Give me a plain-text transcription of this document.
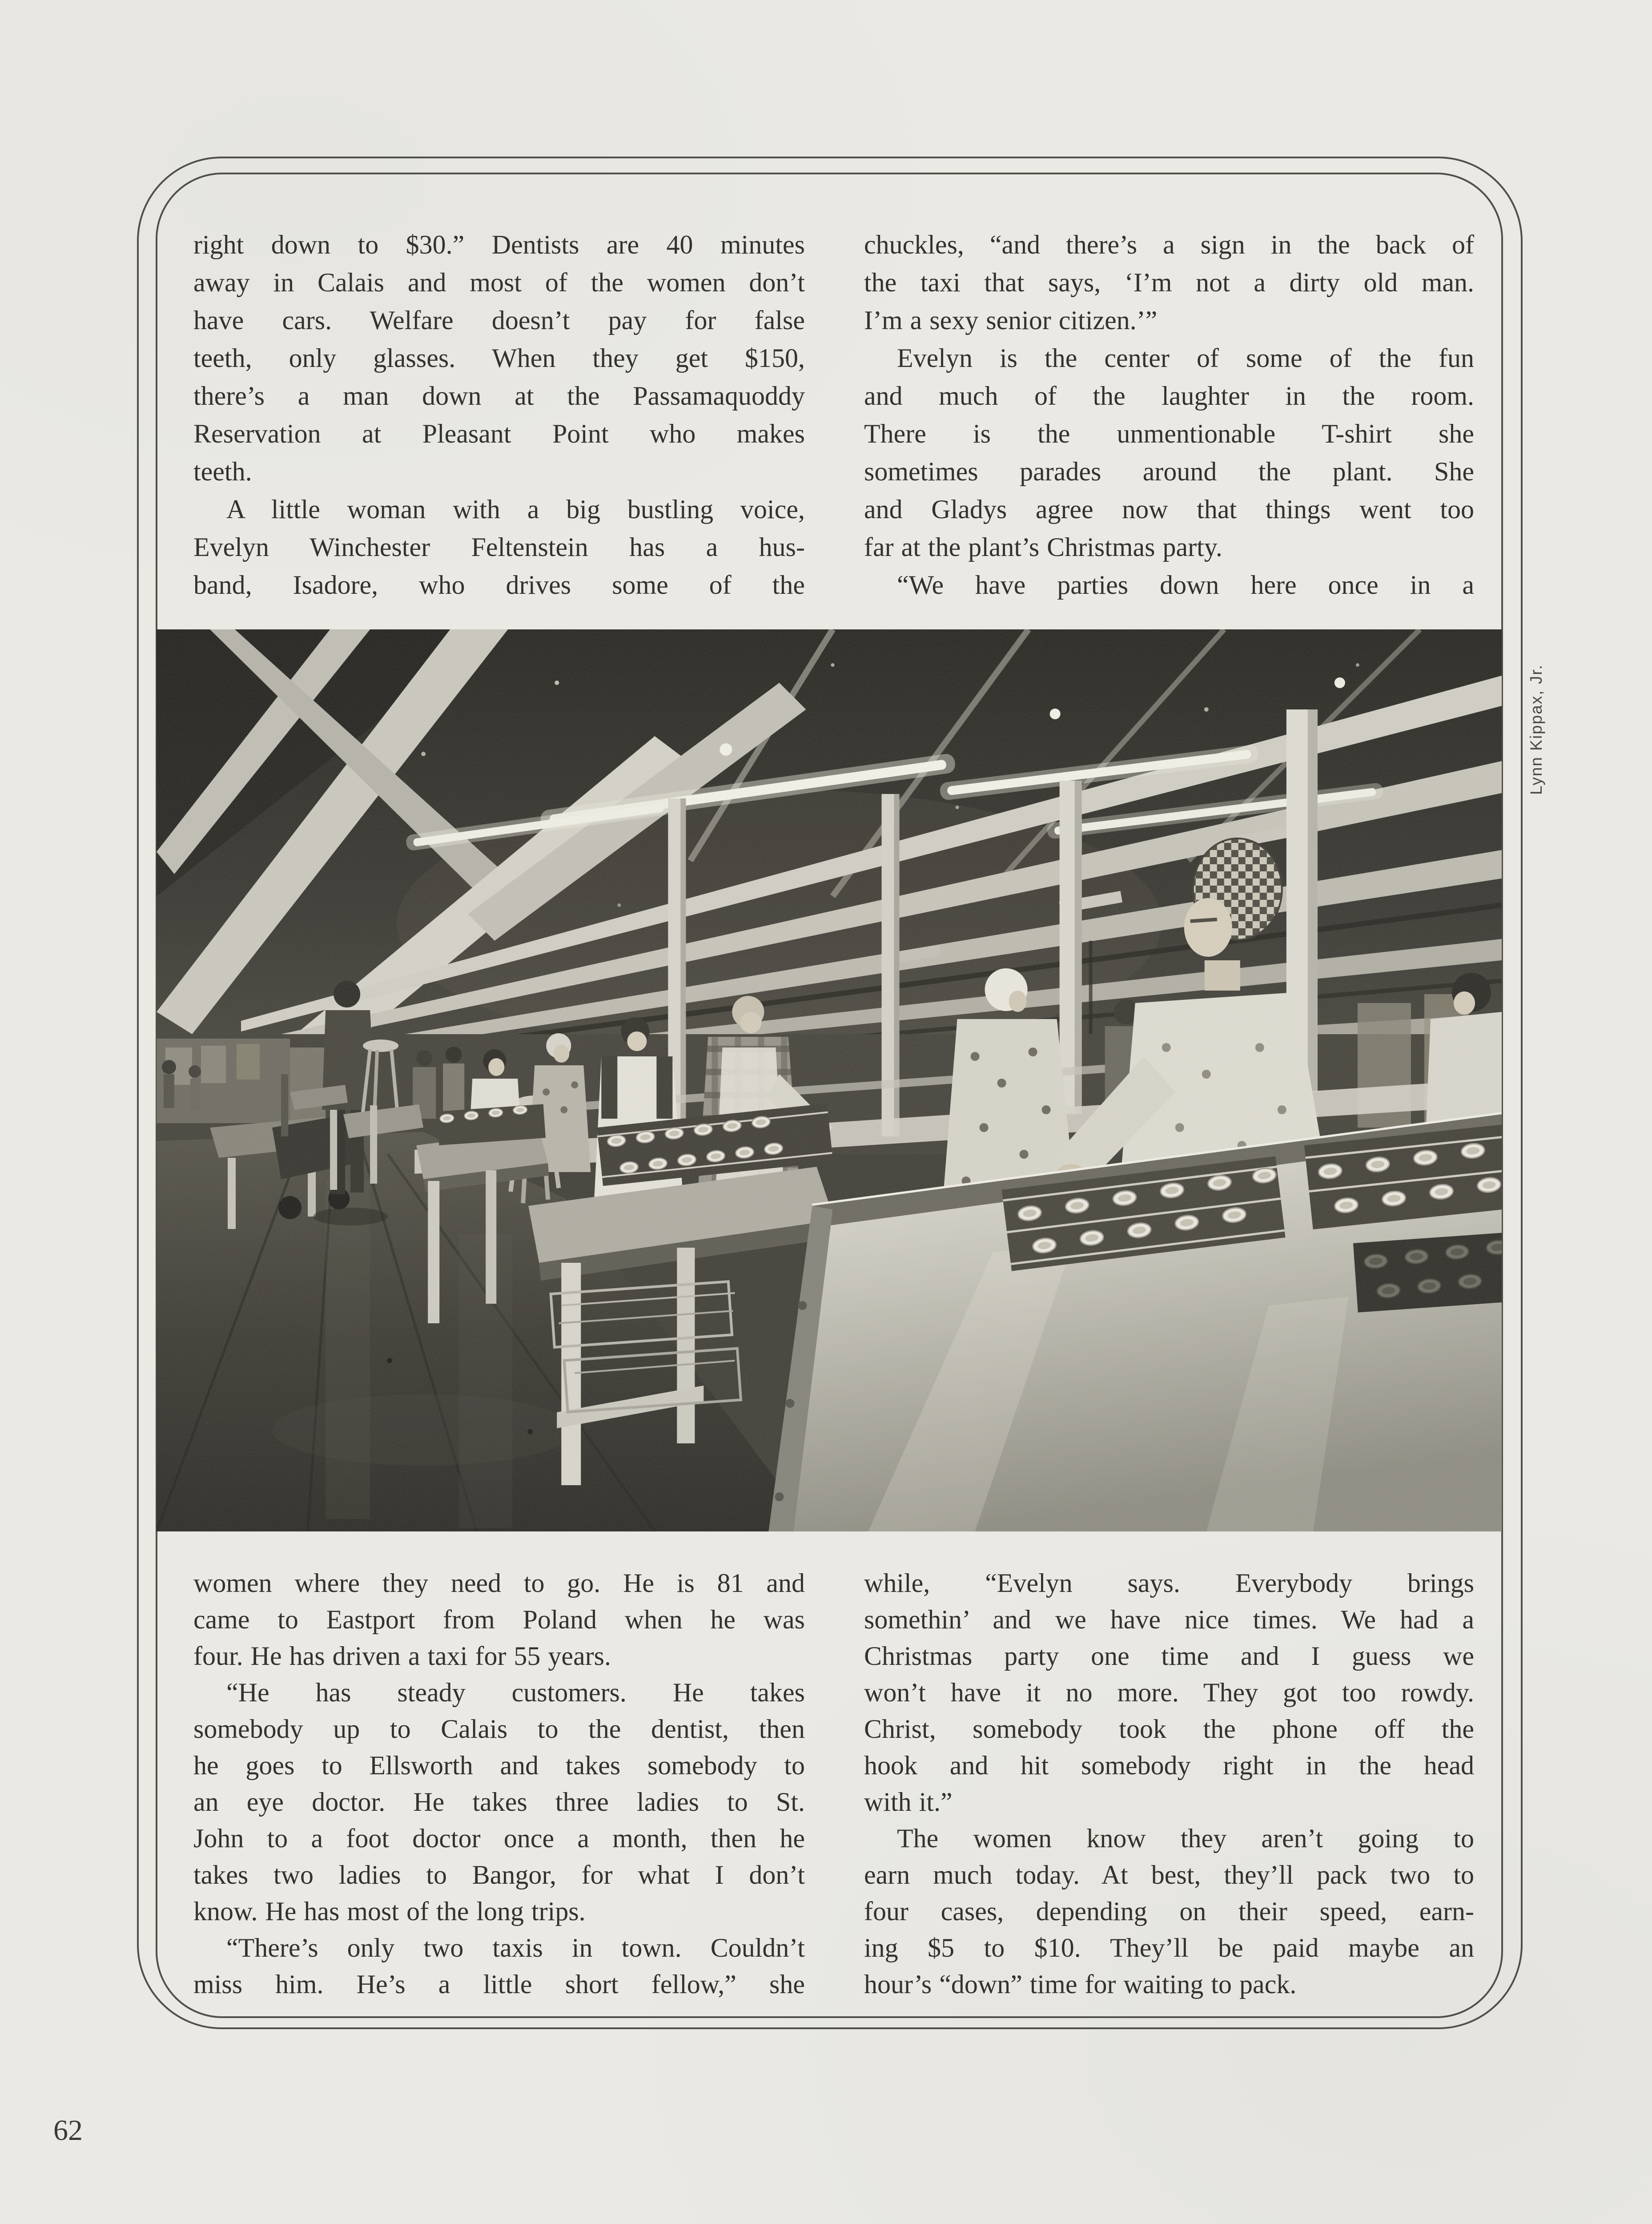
right down to $30.” Dentists are 40 minutes
away in Calais and most of the women don’t
have cars. Welfare doesn’t pay for false
teeth, only glasses. When they get $150,
there’s a man down at the Passamaquoddy
Reservation at Pleasant Point who makes
teeth.
A little woman with a big bustling voice,
Evelyn Winchester Feltenstein has a hus-
band, Isadore, who drives some of the
chuckles, “and there’s a sign in the back of
the taxi that says, ‘I’m not a dirty old man.
I’m a sexy senior citizen.’”
Evelyn is the center of some of the fun
and much of the laughter in the room.
There is the unmentionable T-shirt she
sometimes parades around the plant. She
and Gladys agree now that things went too
far at the plant’s Christmas party.
“We have parties down here once in a
Lynn Kippax, Jr.
women where they need to go. He is 81 and
came to Eastport from Poland when he was
four. He has driven a taxi for 55 years.
“He has steady customers. He takes
somebody up to Calais to the dentist, then
he goes to Ellsworth and takes somebody to
an eye doctor. He takes three ladies to St.
John to a foot doctor once a month, then he
takes two ladies to Bangor, for what I don’t
know. He has most of the long trips.
“There’s only two taxis in town. Couldn’t
miss him. He’s a little short fellow,” she
while, “Evelyn says. Everybody brings
somethin’ and we have nice times. We had a
Christmas party one time and I guess we
won’t have it no more. They got too rowdy.
Christ, somebody took the phone off the
hook and hit somebody right in the head
with it.”
The women know they aren’t going to
earn much today. At best, they’ll pack two to
four cases, depending on their speed, earn-
ing $5 to $10. They’ll be paid maybe an
hour’s “down” time for waiting to pack.
62
